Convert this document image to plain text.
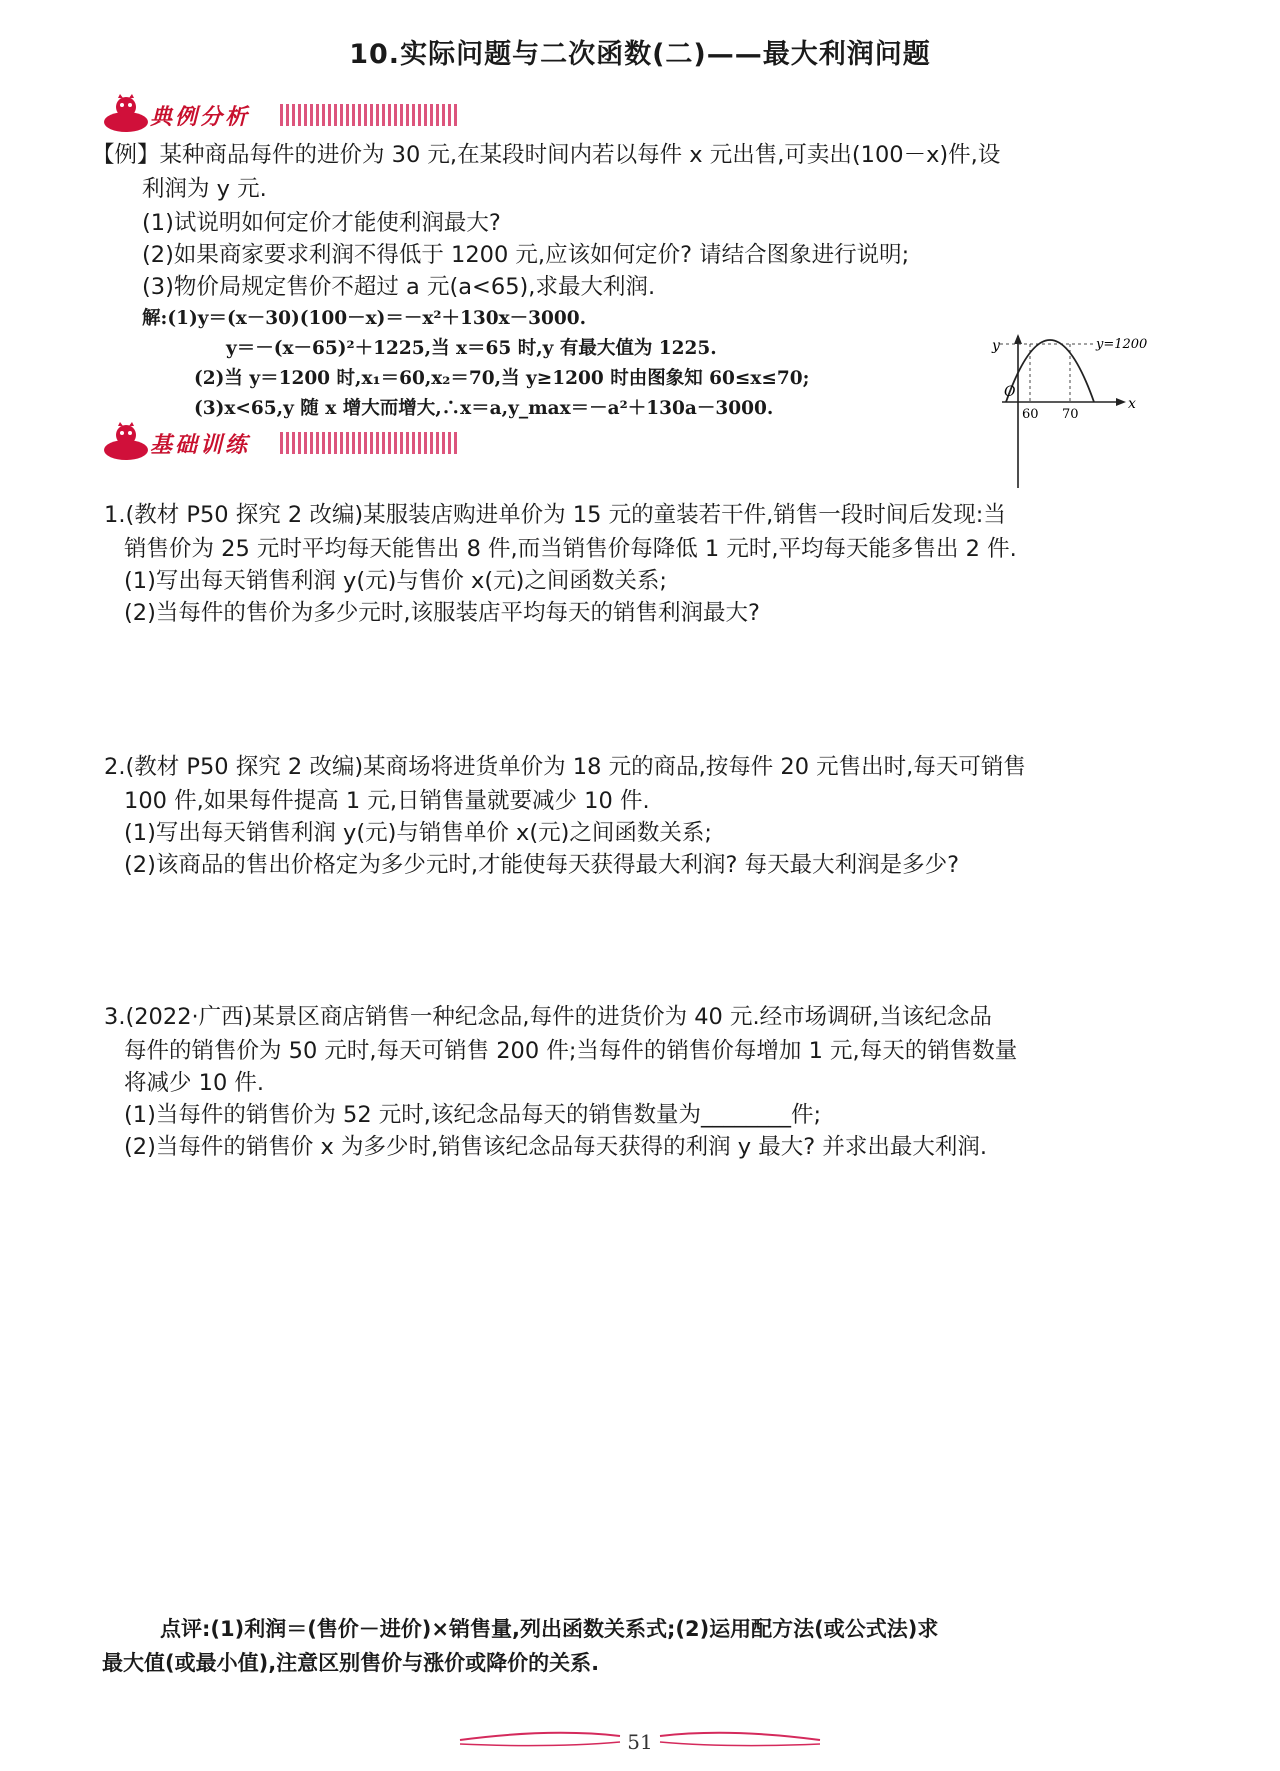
10.实际问题与二次函数(二)——最大利润问题
典例分析
【例】某种商品每件的进价为 30 元,在某段时间内若以每件 x 元出售,可卖出(100－x)件,设
利润为 y 元.
(1)试说明如何定价才能使利润最大?
(2)如果商家要求利润不得低于 1200 元,应该如何定价? 请结合图象进行说明;
(3)物价局规定售价不超过 a 元(a<65),求最大利润.
解:(1)y＝(x－30)(100－x)＝－x²＋130x－3000.
y＝－(x－65)²＋1225,当 x＝65 时,y 有最大值为 1225.
(2)当 y＝1200 时,x₁＝60,x₂＝70,当 y≥1200 时由图象知 60≤x≤70;
(3)x<65,y 随 x 增大而增大,∴x＝a,y_max＝－a²＋130a－3000.
y
x
O
60 70
y=1200
基础训练
1.(教材 P50 探究 2 改编)某服装店购进单价为 15 元的童装若干件,销售一段时间后发现:当
销售价为 25 元时平均每天能售出 8 件,而当销售价每降低 1 元时,平均每天能多售出 2 件.
(1)写出每天销售利润 y(元)与售价 x(元)之间函数关系;
(2)当每件的售价为多少元时,该服装店平均每天的销售利润最大?
2.(教材 P50 探究 2 改编)某商场将进货单价为 18 元的商品,按每件 20 元售出时,每天可销售
100 件,如果每件提高 1 元,日销售量就要减少 10 件.
(1)写出每天销售利润 y(元)与销售单价 x(元)之间函数关系;
(2)该商品的售出价格定为多少元时,才能使每天获得最大利润? 每天最大利润是多少?
3.(2022·广西)某景区商店销售一种纪念品,每件的进货价为 40 元.经市场调研,当该纪念品
每件的销售价为 50 元时,每天可销售 200 件;当每件的销售价每增加 1 元,每天的销售数量
将减少 10 件.
(1)当每件的销售价为 52 元时,该纪念品每天的销售数量为________件;
(2)当每件的销售价 x 为多少时,销售该纪念品每天获得的利润 y 最大? 并求出最大利润.
点评:(1)利润＝(售价－进价)×销售量,列出函数关系式;(2)运用配方法(或公式法)求
最大值(或最小值),注意区别售价与涨价或降价的关系.
51
